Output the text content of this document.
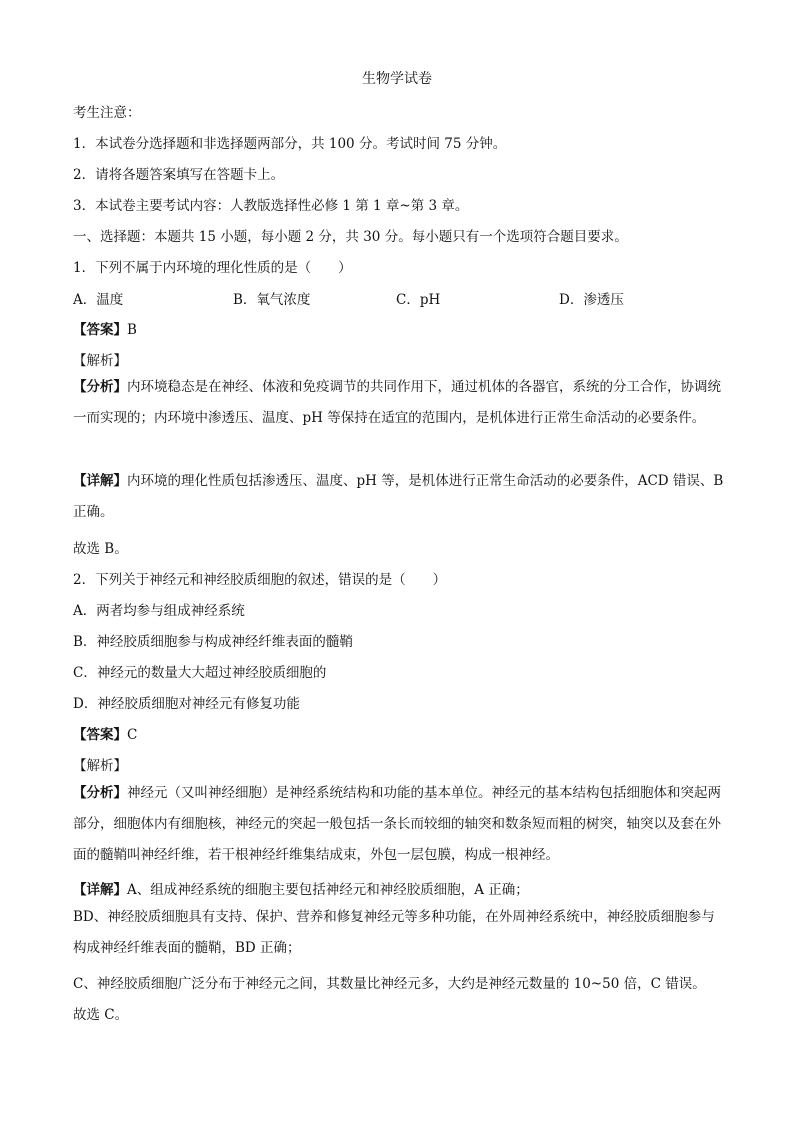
生物学试卷
考生注意：
1．本试卷分选择题和非选择题两部分，共 100 分。考试时间 75 分钟。
2．请将各题答案填写在答题卡上。
3．本试卷主要考试内容：人教版选择性必修 1 第 1 章~第 3 章。
一、选择题：本题共 15 小题，每小题 2 分，共 30 分。每小题只有一个选项符合题目要求。
1．下列不属于内环境的理化性质的是（　　）
A．温度	B．氧气浓度	C．pH	D．渗透压
【答案】B
【解析】
【分析】内环境稳态是在神经、体液和免疫调节的共同作用下，通过机体的各器官，系统的分工合作，协调统一而实现的；内环境中渗透压、温度、pH 等保持在适宜的范围内，是机体进行正常生命活动的必要条件。
【详解】内环境的理化性质包括渗透压、温度、pH 等，是机体进行正常生命活动的必要条件，ACD 错误、B 正确。
故选 B。
2．下列关于神经元和神经胶质细胞的叙述，错误的是（　　）
A．两者均参与组成神经系统
B．神经胶质细胞参与构成神经纤维表面的髓鞘
C．神经元的数量大大超过神经胶质细胞的
D．神经胶质细胞对神经元有修复功能
【答案】C
【解析】
【分析】神经元（又叫神经细胞）是神经系统结构和功能的基本单位。神经元的基本结构包括细胞体和突起两部分，细胞体内有细胞核，神经元的突起一般包括一条长而较细的轴突和数条短而粗的树突，轴突以及套在外面的髓鞘叫神经纤维，若干根神经纤维集结成束，外包一层包膜，构成一根神经。
【详解】A、组成神经系统的细胞主要包括神经元和神经胶质细胞，A 正确；
BD、神经胶质细胞具有支持、保护、营养和修复神经元等多种功能，在外周神经系统中，神经胶质细胞参与构成神经纤维表面的髓鞘，BD 正确；
C、神经胶质细胞广泛分布于神经元之间，其数量比神经元多，大约是神经元数量的 10~50 倍，C 错误。
故选 C。
